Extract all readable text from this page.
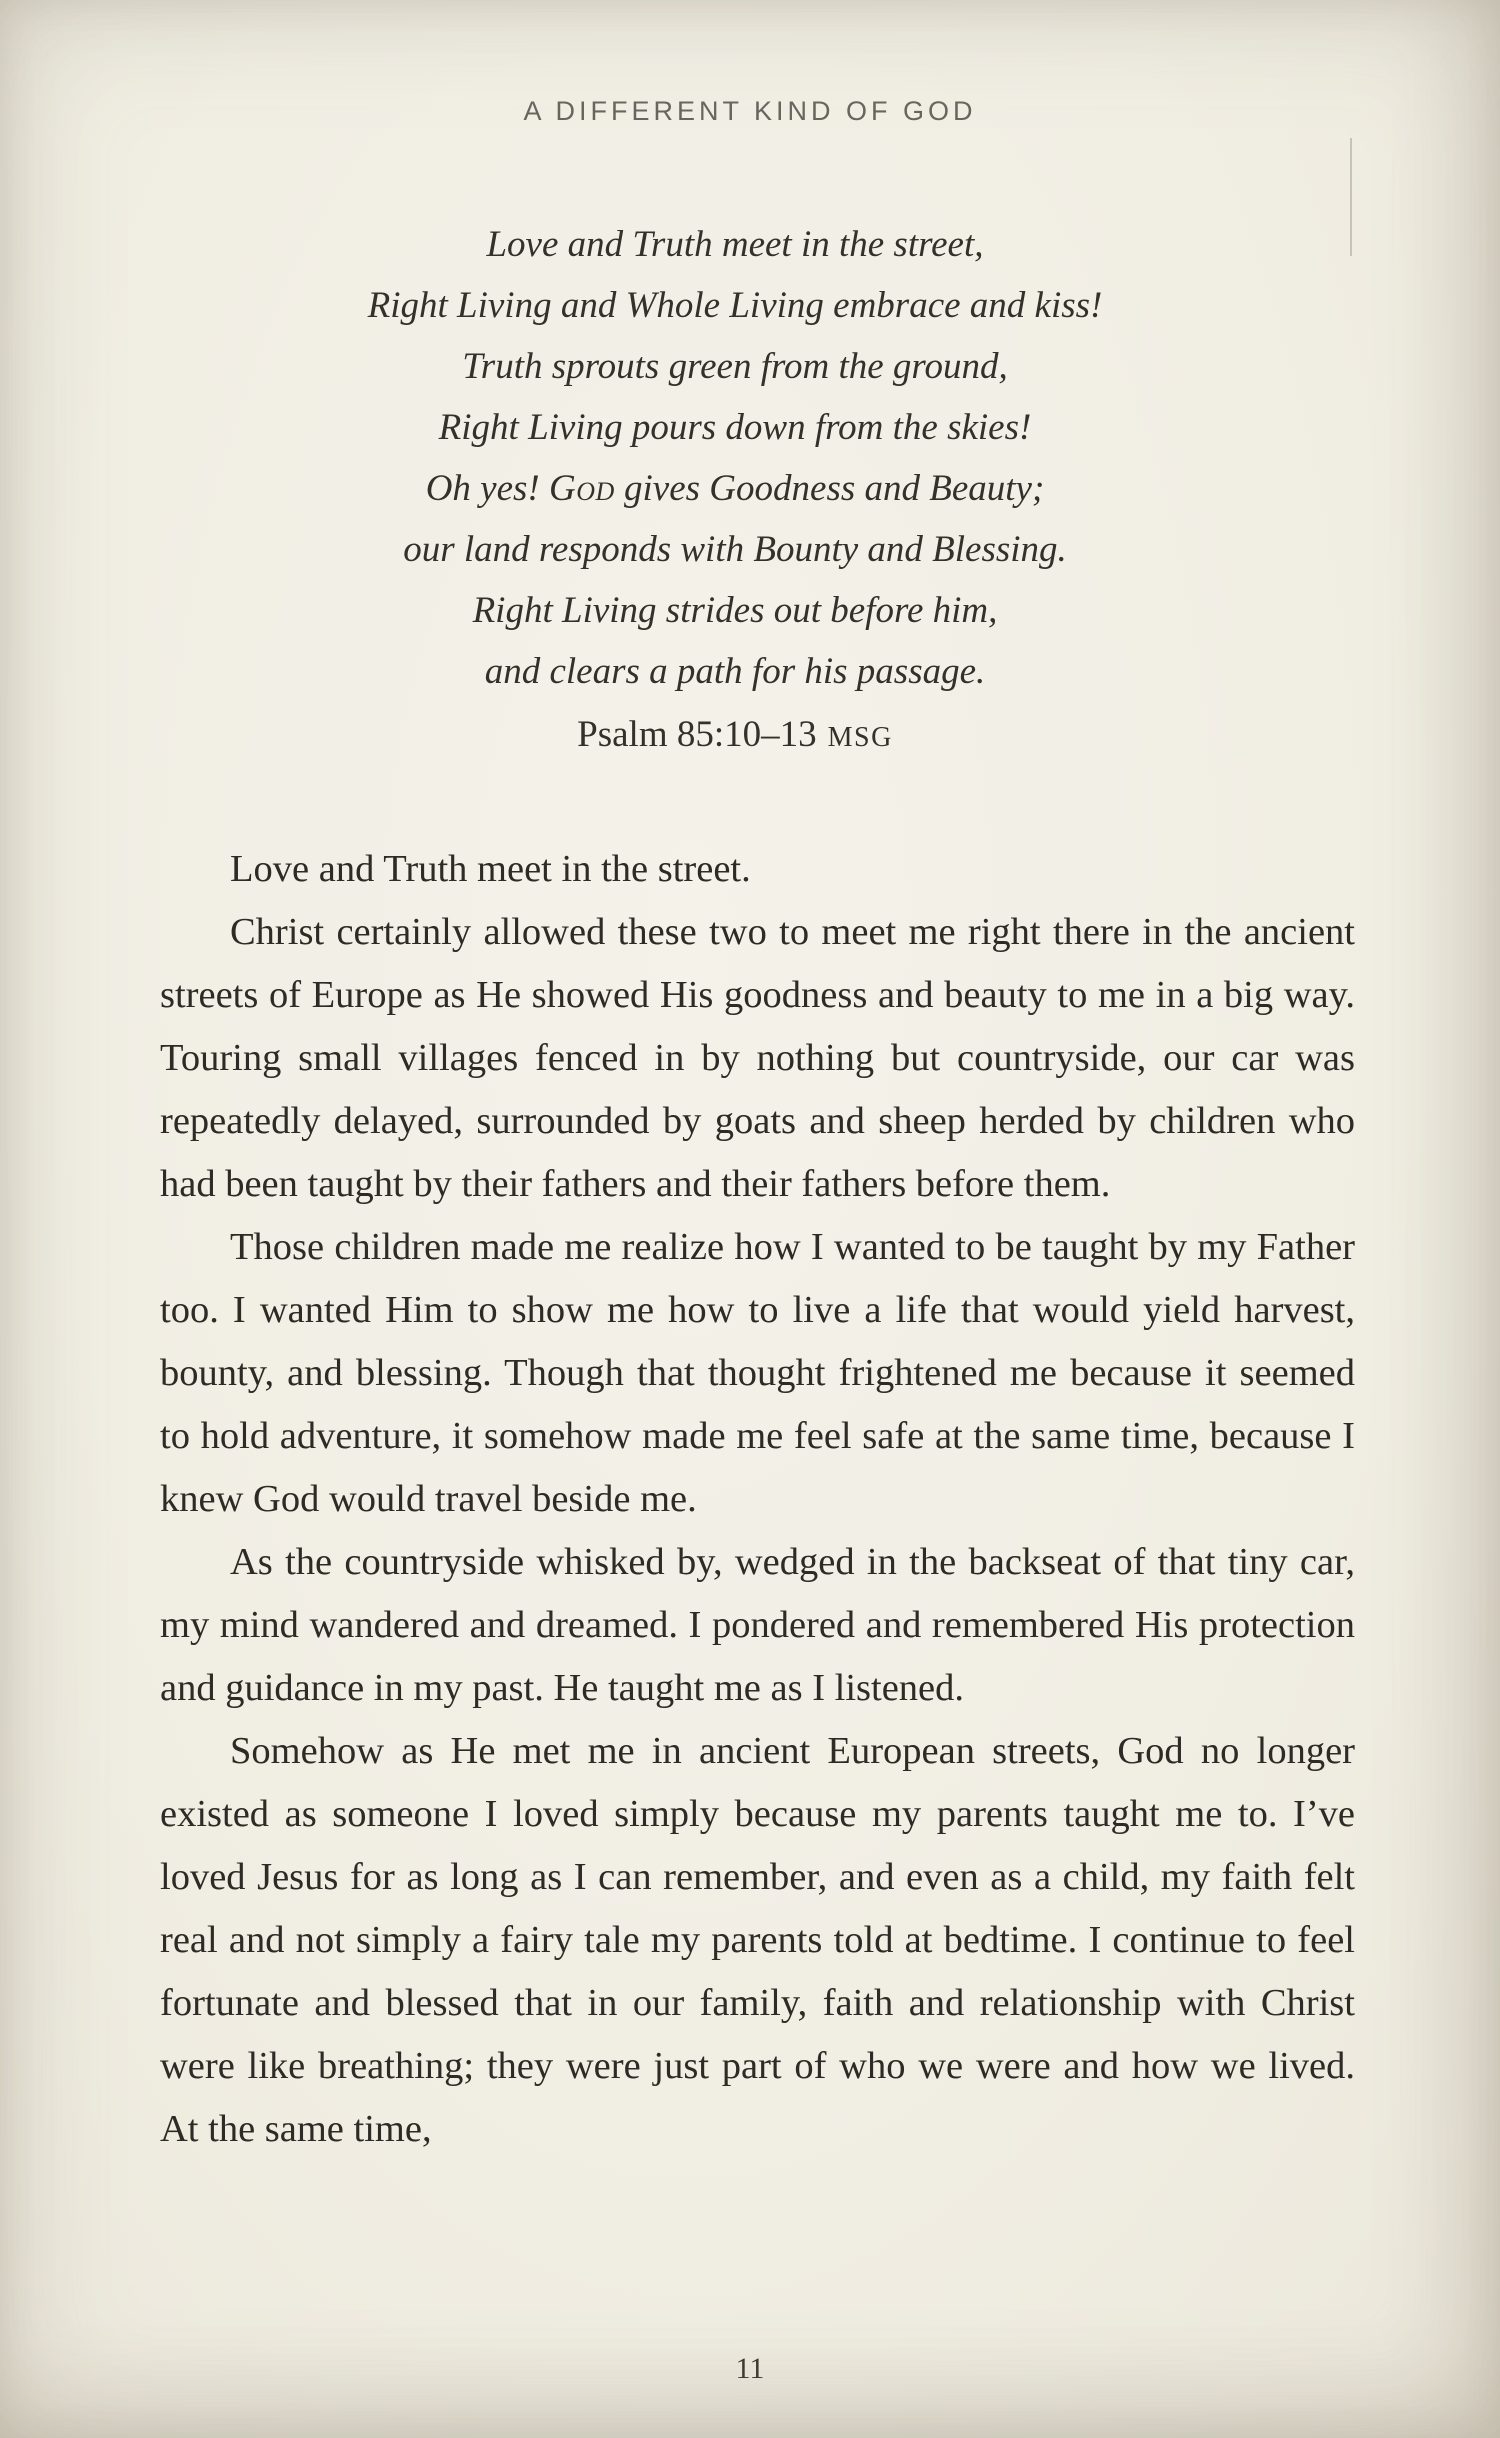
A DIFFERENT KIND OF GOD
Love and Truth meet in the street,
Right Living and Whole Living embrace and kiss!
Truth sprouts green from the ground,
Right Living pours down from the skies!
Oh yes! God gives Goodness and Beauty;
our land responds with Bounty and Blessing.
Right Living strides out before him,
and clears a path for his passage.
Psalm 85:10–13 MSG

Love and Truth meet in the street.

Christ certainly allowed these two to meet me right there in the ancient streets of Europe as He showed His goodness and beauty to me in a big way. Touring small villages fenced in by nothing but countryside, our car was repeatedly delayed, surrounded by goats and sheep herded by children who had been taught by their fathers and their fathers before them.

Those children made me realize how I wanted to be taught by my Father too. I wanted Him to show me how to live a life that would yield harvest, bounty, and blessing. Though that thought frightened me because it seemed to hold adventure, it somehow made me feel safe at the same time, because I knew God would travel beside me.

As the countryside whisked by, wedged in the backseat of that tiny car, my mind wandered and dreamed. I pondered and remembered His protection and guidance in my past. He taught me as I listened.

Somehow as He met me in ancient European streets, God no longer existed as someone I loved simply because my parents taught me to. I’ve loved Jesus for as long as I can remember, and even as a child, my faith felt real and not simply a fairy tale my parents told at bedtime. I continue to feel fortunate and blessed that in our family, faith and relationship with Christ were like breathing; they were just part of who we were and how we lived. At the same time,

11
